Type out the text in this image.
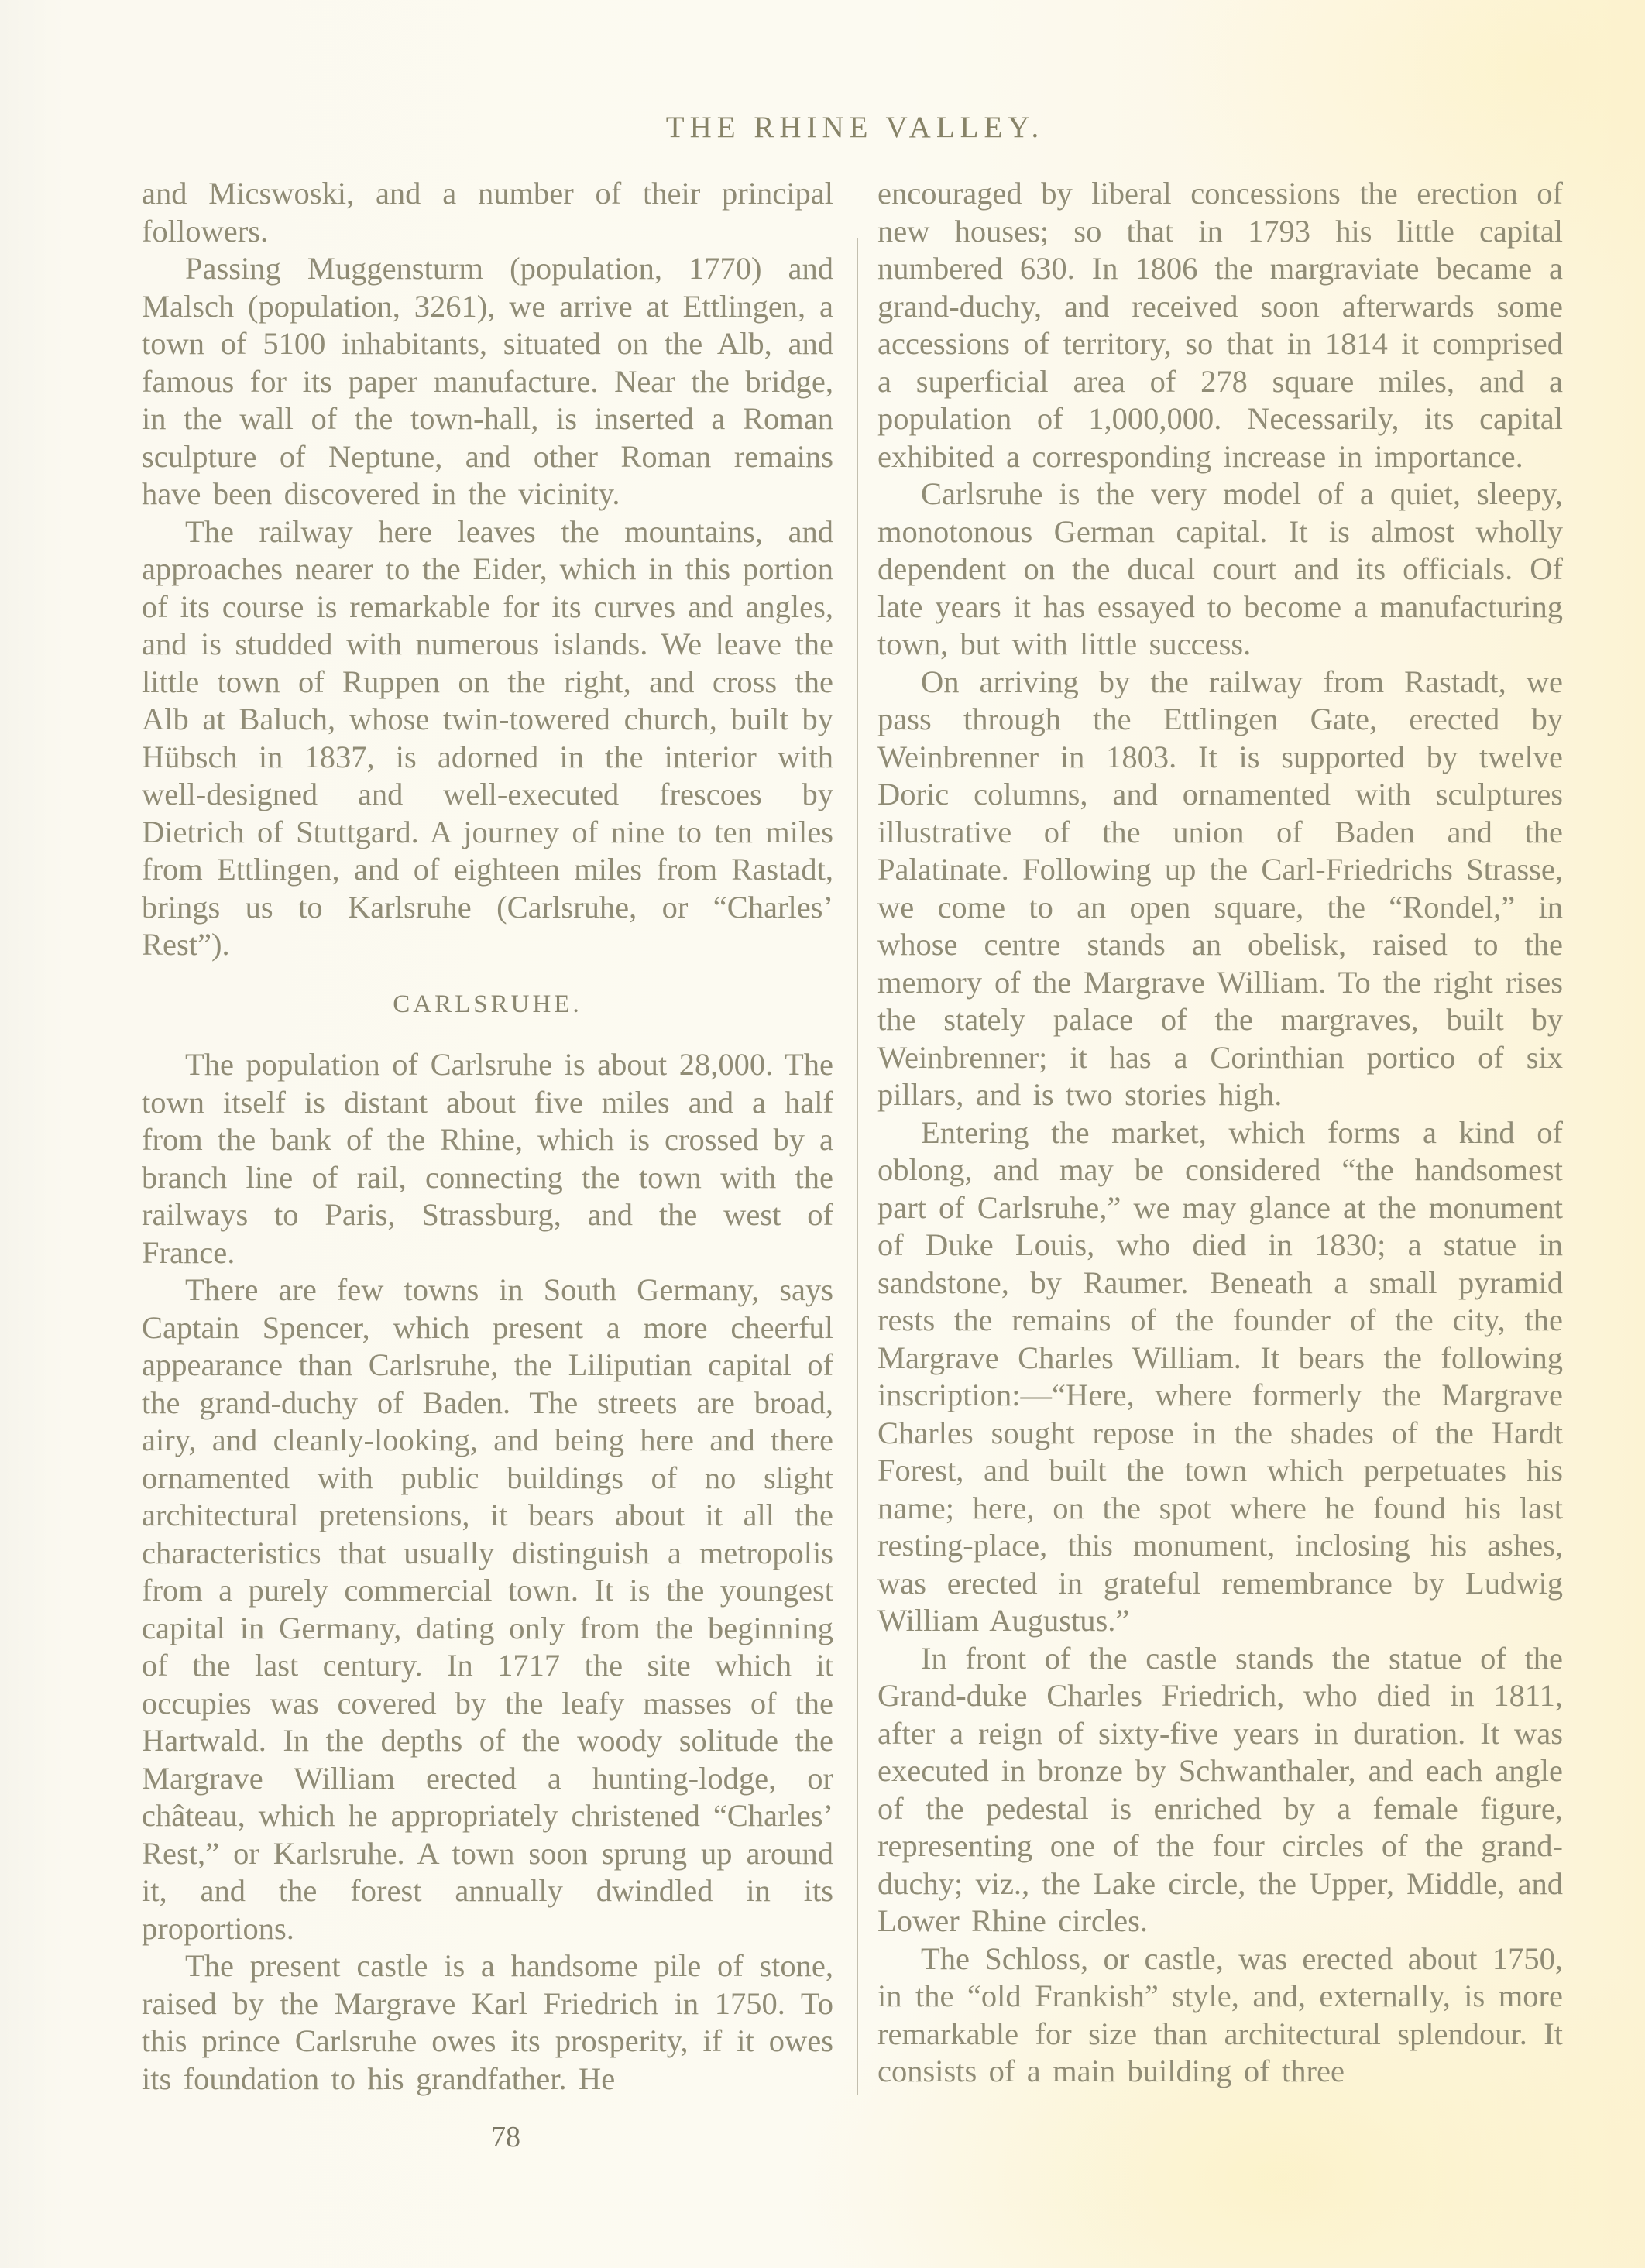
THE RHINE VALLEY.

and Micswoski, and a number of their principal followers.

Passing Muggensturm (population, 1770) and Malsch (population, 3261), we arrive at Ettlingen, a town of 5100 inhabitants, situated on the Alb, and famous for its paper manufacture. Near the bridge, in the wall of the town-hall, is inserted a Roman sculpture of Neptune, and other Roman remains have been discovered in the vicinity.

The railway here leaves the mountains, and approaches nearer to the Eider, which in this portion of its course is remarkable for its curves and angles, and is studded with numerous islands. We leave the little town of Ruppen on the right, and cross the Alb at Baluch, whose twin-towered church, built by Hübsch in 1837, is adorned in the interior with well-designed and well-executed frescoes by Dietrich of Stuttgard. A journey of nine to ten miles from Ettlingen, and of eighteen miles from Rastadt, brings us to Karlsruhe (Carlsruhe, or “Charles’ Rest”).

CARLSRUHE.

The population of Carlsruhe is about 28,000. The town itself is distant about five miles and a half from the bank of the Rhine, which is crossed by a branch line of rail, connecting the town with the railways to Paris, Strassburg, and the west of France.

There are few towns in South Germany, says Captain Spencer, which present a more cheerful appearance than Carlsruhe, the Liliputian capital of the grand-duchy of Baden. The streets are broad, airy, and cleanly-looking, and being here and there ornamented with public buildings of no slight architectural pretensions, it bears about it all the characteristics that usually distinguish a metropolis from a purely commercial town. It is the youngest capital in Germany, dating only from the beginning of the last century. In 1717 the site which it occupies was covered by the leafy masses of the Hartwald. In the depths of the woody solitude the Margrave William erected a hunting-lodge, or château, which he appropriately christened “Charles’ Rest,” or Karlsruhe. A town soon sprung up around it, and the forest annually dwindled in its proportions.

The present castle is a handsome pile of stone, raised by the Margrave Karl Friedrich in 1750. To this prince Carlsruhe owes its prosperity, if it owes its foundation to his grandfather. He

encouraged by liberal concessions the erection of new houses; so that in 1793 his little capital numbered 630. In 1806 the margraviate became a grand-duchy, and received soon afterwards some accessions of territory, so that in 1814 it comprised a superficial area of 278 square miles, and a population of 1,000,000. Necessarily, its capital exhibited a corresponding increase in importance.

Carlsruhe is the very model of a quiet, sleepy, monotonous German capital. It is almost wholly dependent on the ducal court and its officials. Of late years it has essayed to become a manufacturing town, but with little success.

On arriving by the railway from Rastadt, we pass through the Ettlingen Gate, erected by Weinbrenner in 1803. It is supported by twelve Doric columns, and ornamented with sculptures illustrative of the union of Baden and the Palatinate. Following up the Carl-Friedrichs Strasse, we come to an open square, the “Rondel,” in whose centre stands an obelisk, raised to the memory of the Margrave William. To the right rises the stately palace of the margraves, built by Weinbrenner; it has a Corinthian portico of six pillars, and is two stories high.

Entering the market, which forms a kind of oblong, and may be considered “the handsomest part of Carlsruhe,” we may glance at the monument of Duke Louis, who died in 1830; a statue in sandstone, by Raumer. Beneath a small pyramid rests the remains of the founder of the city, the Margrave Charles William. It bears the following inscription:—“Here, where formerly the Margrave Charles sought repose in the shades of the Hardt Forest, and built the town which perpetuates his name; here, on the spot where he found his last resting-place, this monument, inclosing his ashes, was erected in grateful remembrance by Ludwig William Augustus.”

In front of the castle stands the statue of the Grand-duke Charles Friedrich, who died in 1811, after a reign of sixty-five years in duration. It was executed in bronze by Schwanthaler, and each angle of the pedestal is enriched by a female figure, representing one of the four circles of the grand-duchy; viz., the Lake circle, the Upper, Middle, and Lower Rhine circles.

The Schloss, or castle, was erected about 1750, in the “old Frankish” style, and, externally, is more remarkable for size than architectural splendour. It consists of a main building of three

78
